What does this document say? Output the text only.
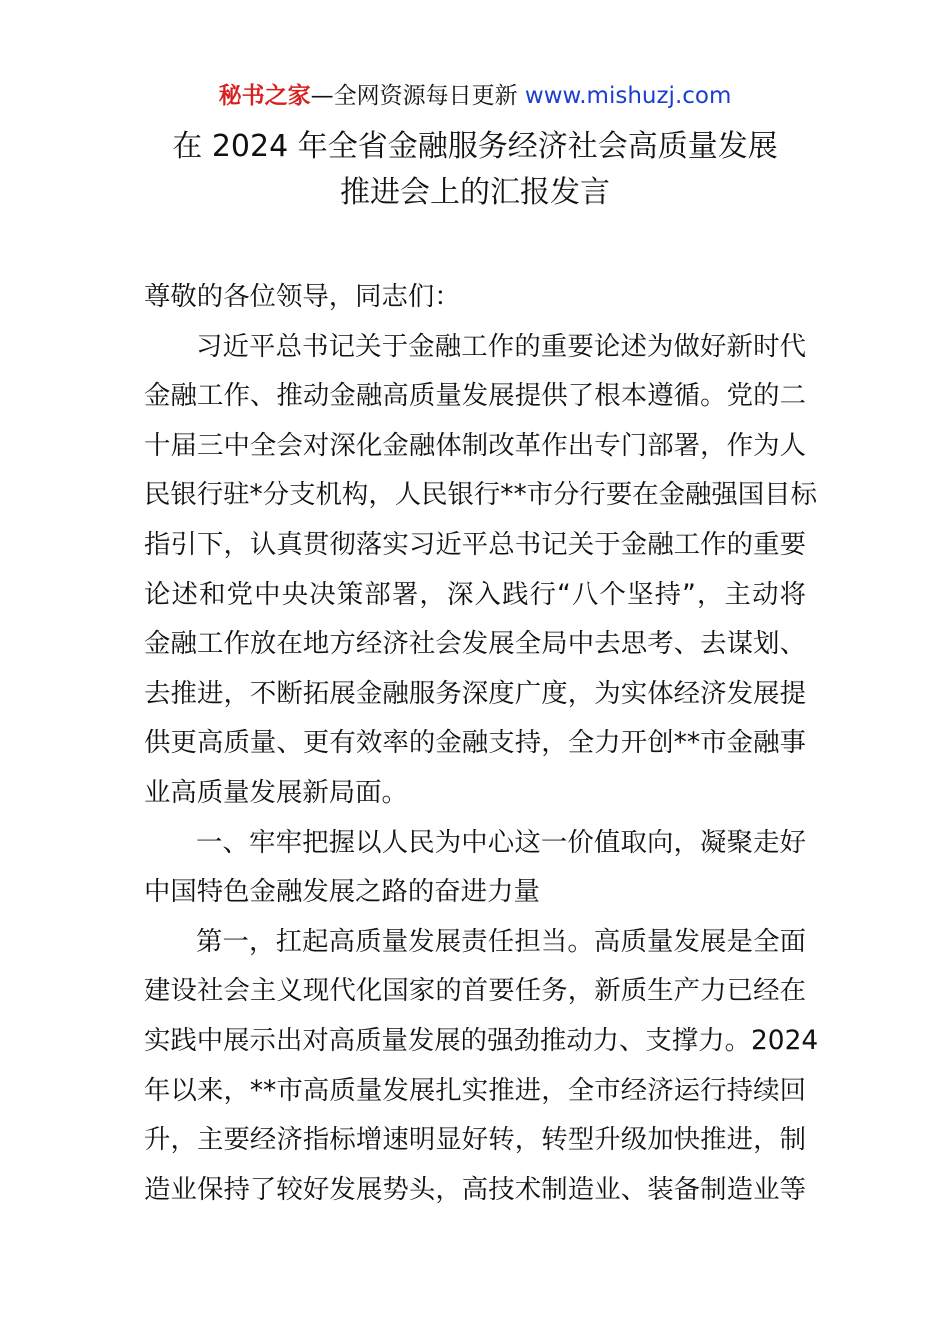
秘书之家—全网资源每日更新 www.mishuzj.com
在 2024 年全省金融服务经济社会高质量发展
推进会上的汇报发言
尊敬的各位领导，同志们：
习近平总书记关于金融工作的重要论述为做好新时代
金融工作、推动金融高质量发展提供了根本遵循。党的二
十届三中全会对深化金融体制改革作出专门部署，作为人
民银行驻*分支机构，人民银行**市分行要在金融强国目标
指引下，认真贯彻落实习近平总书记关于金融工作的重要
论述和党中央决策部署，深入践行“八个坚持”，主动将
金融工作放在地方经济社会发展全局中去思考、去谋划、
去推进，不断拓展金融服务深度广度，为实体经济发展提
供更高质量、更有效率的金融支持，全力开创**市金融事
业高质量发展新局面。
一、牢牢把握以人民为中心这一价值取向，凝聚走好
中国特色金融发展之路的奋进力量
第一，扛起高质量发展责任担当。高质量发展是全面
建设社会主义现代化国家的首要任务，新质生产力已经在
实践中展示出对高质量发展的强劲推动力、支撑力。2024
年以来，**市高质量发展扎实推进，全市经济运行持续回
升，主要经济指标增速明显好转，转型升级加快推进，制
造业保持了较好发展势头，高技术制造业、装备制造业等
